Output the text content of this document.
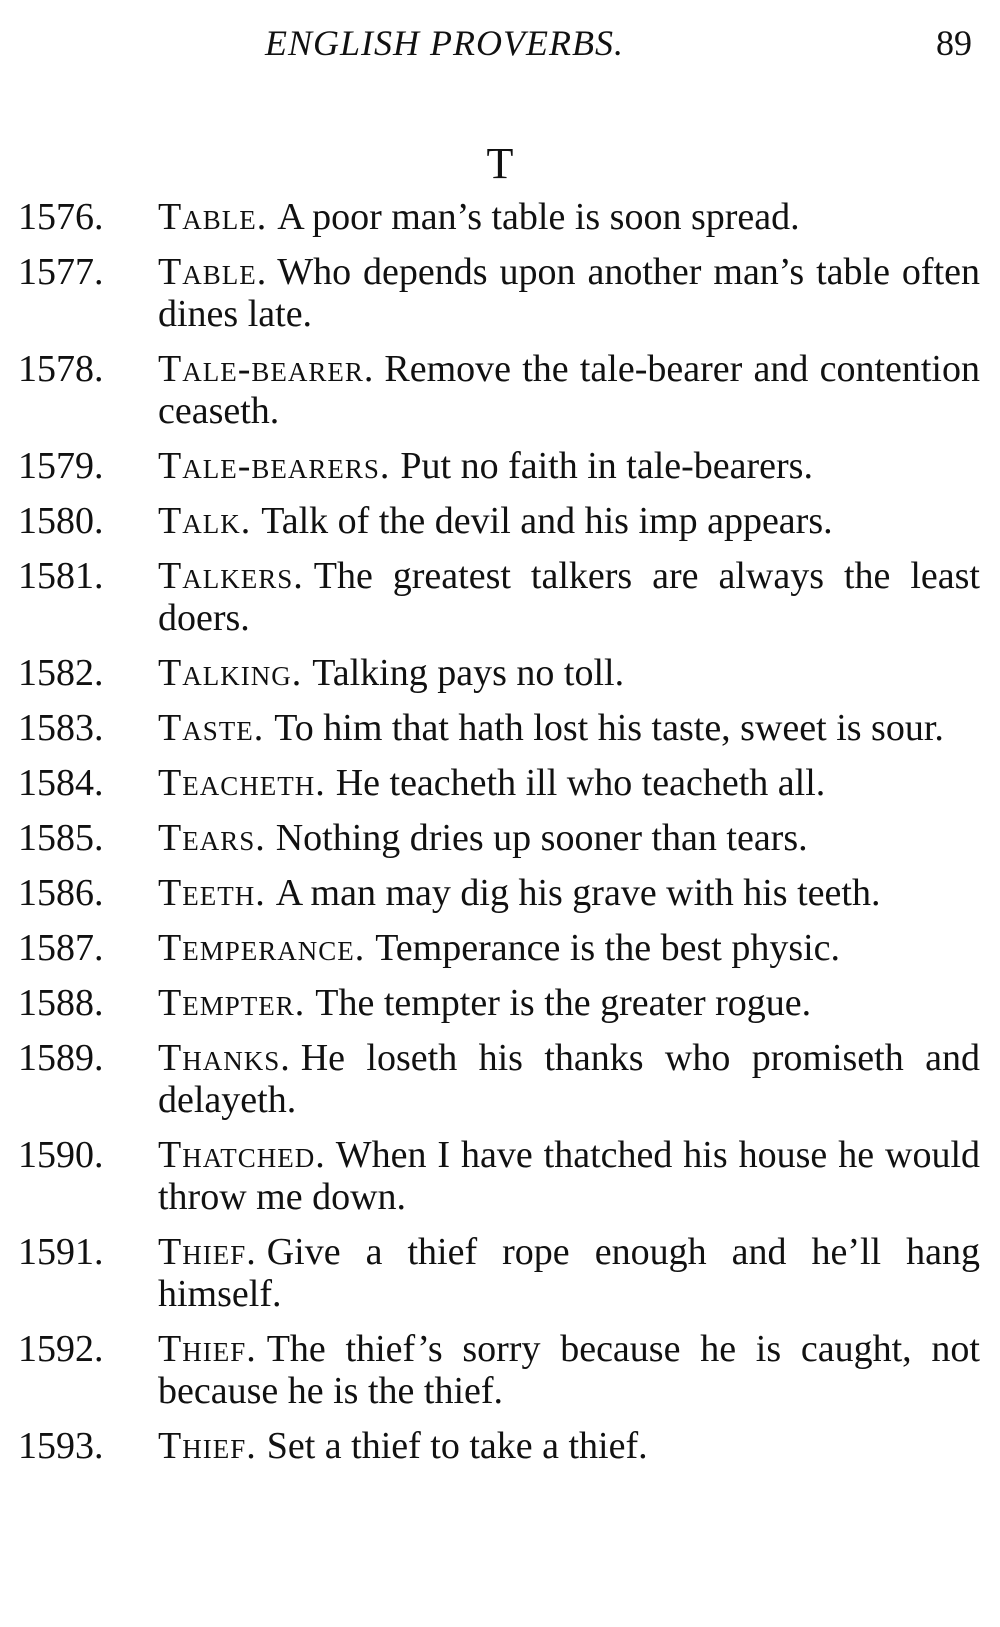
ENGLISH PROVERBS.	89
T
1576.	Table. A poor man’s table is soon spread.
1577.	Table. Who depends upon another man’s table often dines late.
1578.	Tale-bearer. Remove the tale-bearer and contention ceaseth.
1579.	Tale-bearers. Put no faith in tale-bearers.
1580.	Talk. Talk of the devil and his imp appears.
1581.	Talkers. The greatest talkers are always the least doers.
1582.	Talking. Talking pays no toll.
1583.	Taste. To him that hath lost his taste, sweet is sour.
1584.	Teacheth. He teacheth ill who teacheth all.
1585.	Tears. Nothing dries up sooner than tears.
1586.	Teeth. A man may dig his grave with his teeth.
1587.	Temperance. Temperance is the best physic.
1588.	Tempter. The tempter is the greater rogue.
1589.	Thanks. He loseth his thanks who promiseth and delayeth.
1590.	Thatched. When I have thatched his house he would throw me down.
1591.	Thief. Give a thief rope enough and he’ll hang himself.
1592.	Thief. The thief’s sorry because he is caught, not because he is the thief.
1593.	Thief. Set a thief to take a thief.
